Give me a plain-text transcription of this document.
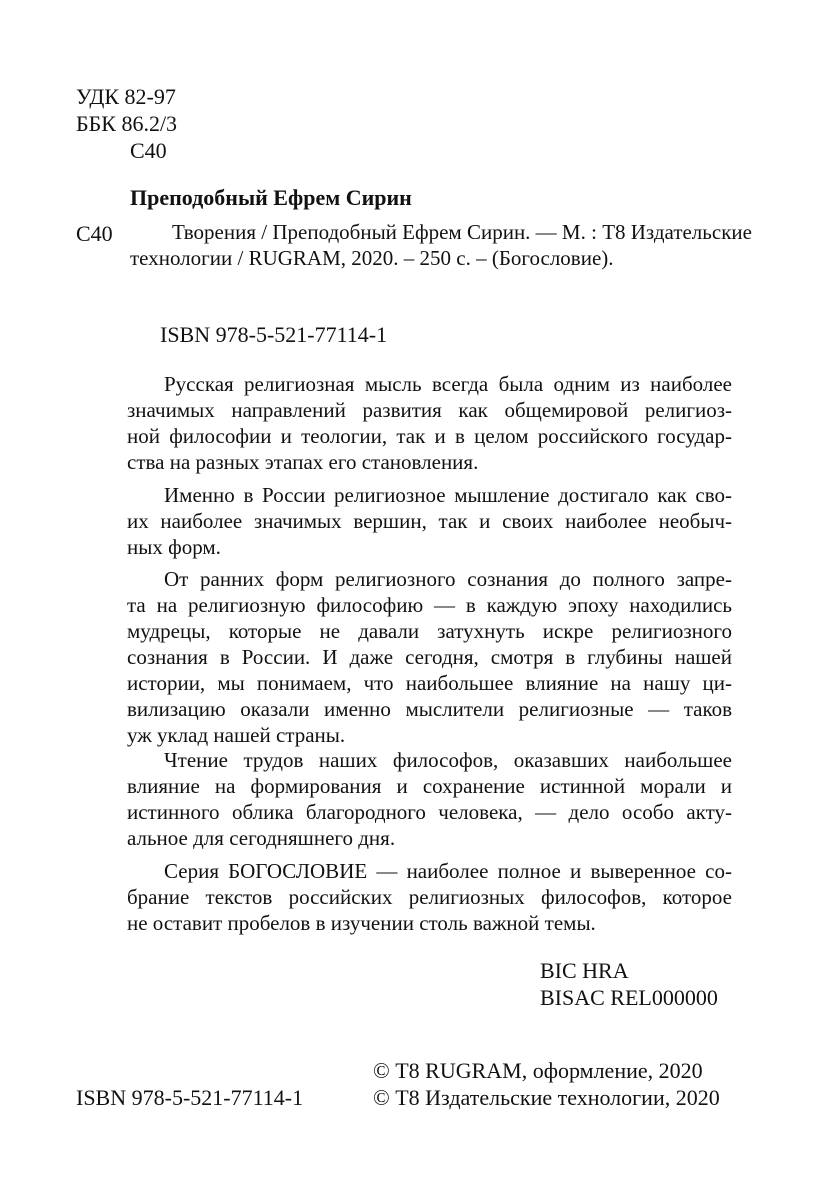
УДК 82-97
ББК 86.2/3
С40
Преподобный Ефрем Сирин
С40	Творения / Преподобный Ефрем Сирин. — М. : Т8 Издательские
технологии / RUGRAM, 2020. – 250 с. – (Богословие).
ISBN 978-5-521-77114-1
Русская религиозная мысль всегда была одним из наиболее
значимых направлений развития как общемировой религиоз-
ной философии и теологии, так и в целом российского государ-
ства на разных этапах его становления.
Именно в России религиозное мышление достигало как сво-
их наиболее значимых вершин, так и своих наиболее необыч-
ных форм.
От ранних форм религиозного сознания до полного запре-
та на религиозную философию — в каждую эпоху находились
мудрецы, которые не давали затухнуть искре религиозного
сознания в России. И даже сегодня, смотря в глубины нашей
истории, мы понимаем, что наибольшее влияние на нашу ци-
вилизацию оказали именно мыслители религиозные — таков
уж уклад нашей страны.
Чтение трудов наших философов, оказавших наибольшее
влияние на формирования и сохранение истинной морали и
истинного облика благородного человека, — дело особо акту-
альное для сегодняшнего дня.
Серия БОГОСЛОВИЕ — наиболее полное и выверенное со-
брание текстов российских религиозных философов, которое
не оставит пробелов в изучении столь важной темы.
BIC HRA
BISAC REL000000
© Т8 RUGRAM, оформление, 2020
ISBN 978-5-521-77114-1	© Т8 Издательские технологии, 2020
